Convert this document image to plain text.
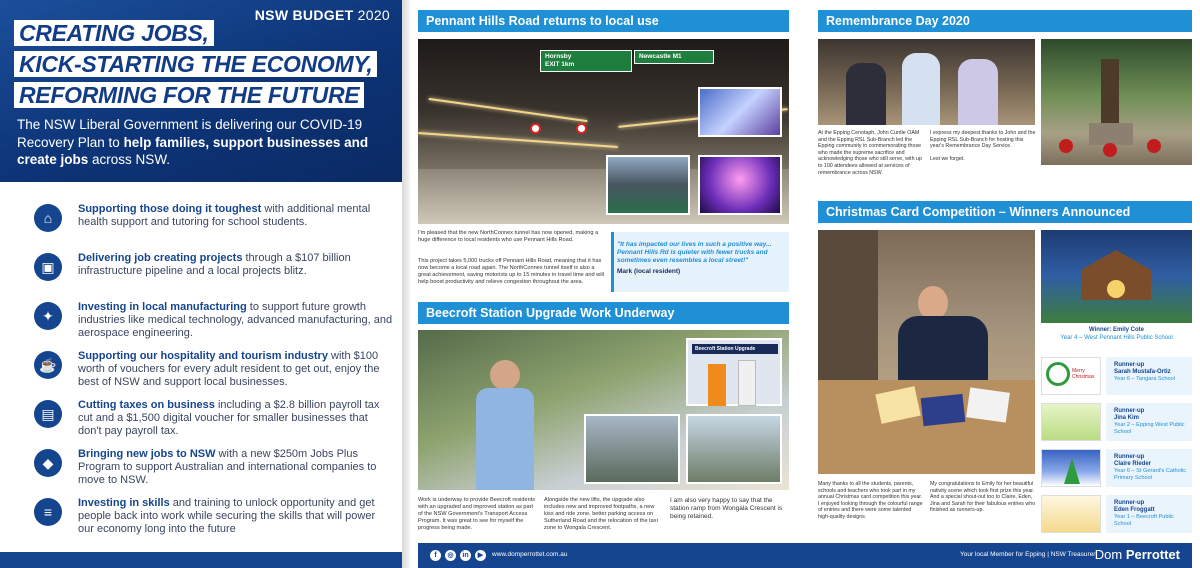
NSW BUDGET 2020
CREATING JOBS,
KICK-STARTING THE ECONOMY,
REFORMING FOR THE FUTURE
The NSW Liberal Government is delivering our COVID-19 Recovery Plan to help families, support businesses and create jobs across NSW.
⌂
Supporting those doing it toughest with additional mental health support and tutoring for school students.
▣
Delivering job creating projects through a $107 billion infrastructure pipeline and a local projects blitz.
✦
Investing in local manufacturing to support future growth industries like medical technology, advanced manufacturing, and aerospace engineering.
☕
Supporting our hospitality and tourism industry with $100 worth of vouchers for every adult resident to get out, enjoy the best of NSW and support local businesses.
▤
Cutting taxes on business including a $2.8 billion payroll tax cut and a $1,500 digital voucher for smaller businesses that don't pay payroll tax.
◆
Bringing new jobs to NSW with a new $250m Jobs Plus Program to support Australian and international companies to move to NSW.
≡
Investing in skills and training to unlock opportunity and get people back into work while securing the skills that will power our economy long into the future
Pennant Hills Road returns to local use
Hornsby
EXIT 1km
Newcastle M1
I'm pleased that the new NorthConnex tunnel has now opened, making a huge difference to local residents who use Pennant Hills Road.
This project takes 5,000 trucks off Pennant Hills Road, meaning that it has now become a local road again. The NorthConnex tunnel itself is also a great achievement, saving motorists up to 15 minutes in travel time and will help boost productivity and relieve congestion throughout the area.
"It has impacted our lives in such a positive way... Pennant Hills Rd is quieter with fewer trucks and sometimes even resembles a local street!"
Mark (local resident)
Beecroft Station Upgrade Work Underway
Beecroft Station Upgrade
Work is underway to provide Beecroft residents with an upgraded and improved station as part of the NSW Government's Transport Access Program. It was great to see for myself the progress being made.
Alongside the new lifts, the upgrade also includes new and improved footpaths, a new kiss and ride zone, better parking access on Sutherland Road and the relocation of the taxi zone to Wongala Crescent.
I am also very happy to say that the station ramp from Wongala Crescent is being retained.
Remembrance Day 2020
At the Epping Cenotaph, John Curdie OAM and the Epping RSL Sub-Branch led the Epping community in commemorating those who made the supreme sacrifice and acknowledging those who still serve, with up to 100 attendees allowed at services of remembrance across NSW.
I express my deepest thanks to John and the Epping RSL Sub-Branch for hosting this year's Remembrance Day Service.

Lest we forget.
Christmas Card Competition – Winners Announced
Winner: Emily Cote
Year 4 – West Pennant Hills Public School
Merry Christmas
Runner-up
Sarah Mustafa-Ortiz
Year 6 – Tangara School
Runner-up
Jina Kim
Year 2 – Epping West Public School
Runner-up
Claire Rieder
Year 6 – St Gerard's Catholic Primary School
Runner-up
Eden Froggatt
Year 1 – Beecroft Public School
Many thanks to all the students, parents, schools and teachers who took part in my annual Christmas card competition this year. I enjoyed looking through the colourful range of entries and there were some talented high-quality designs.
My congratulations to Emily for her beautiful nativity scene which took first prize this year. And a special shout-out too to Claire, Eden, Jina and Sarah for their fabulous entries who finished as runners-up.
f	◎	in	▶	www.domperrottet.com.au	Your local Member for Epping | NSW Treasurer Dom Perrottet
